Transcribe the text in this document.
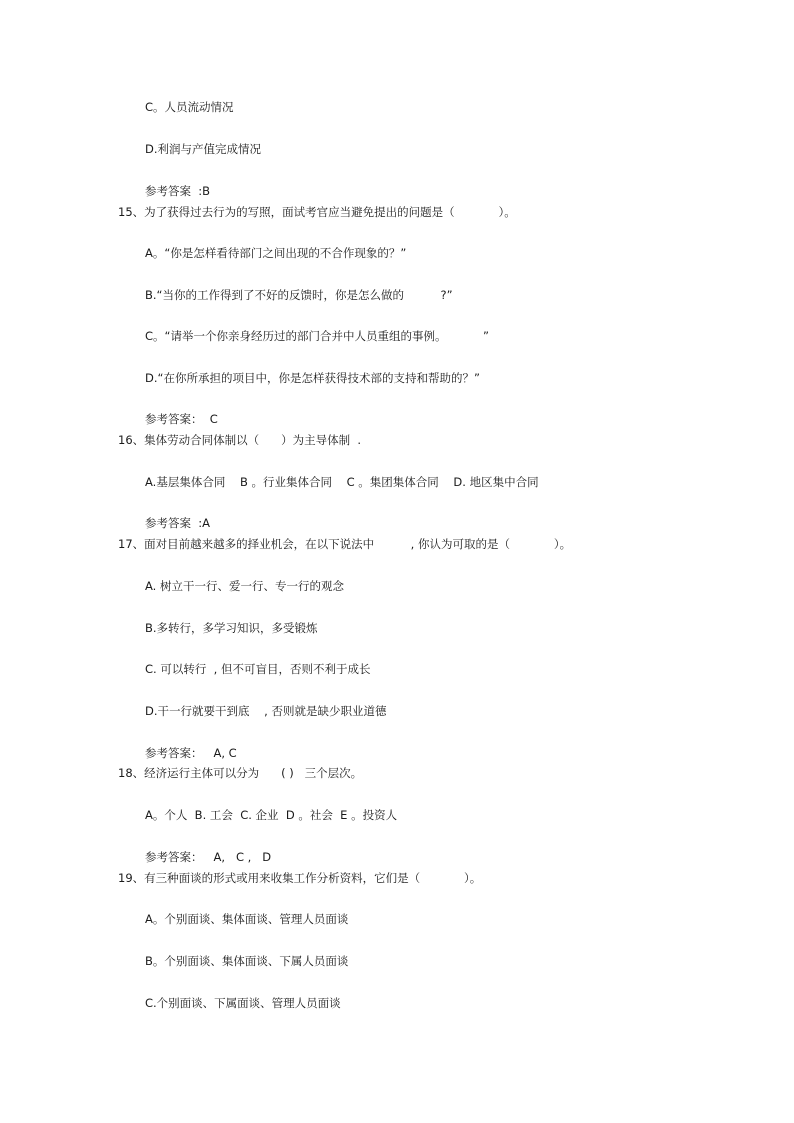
C。人员流动情况
D.利润与产值完成情况
参考答案  :B
15、为了获得过去行为的写照，面试考官应当避免提出的问题是（            ）。
A。“你是怎样看待部门之间出现的不合作现象的？”
B.“当你的工作得到了不好的反馈时，你是怎么做的          ?”
C。“请举一个你亲身经历过的部门合并中人员重组的事例。          ”
D.“在你所承担的项目中，你是怎样获得技术部的支持和帮助的？”
参考答案：  C
16、集体劳动合同体制以（      ）为主导体制  .
A.基层集体合同    B 。行业集体合同    C 。集团集体合同    D. 地区集中合同
参考答案  :A
17、面对目前越来越多的择业机会，在以下说法中          , 你认为可取的是（            ）。
A. 树立干一行、爱一行、专一行的观念
B.多转行，多学习知识，多受锻炼
C. 可以转行  , 但不可盲目，否则不利于成长
D.干一行就要干到底    , 否则就是缺少职业道德
参考答案：   A, C
18、经济运行主体可以分为      ( )   三个层次。
A。个人  B. 工会  C. 企业  D 。社会  E 。投资人
参考答案：   A,   C ,   D
19、有三种面谈的形式或用来收集工作分析资料，它们是（            ）。
A。个别面谈、集体面谈、管理人员面谈
B。个别面谈、集体面谈、下属人员面谈
C.个别面谈、下属面谈、管理人员面谈
